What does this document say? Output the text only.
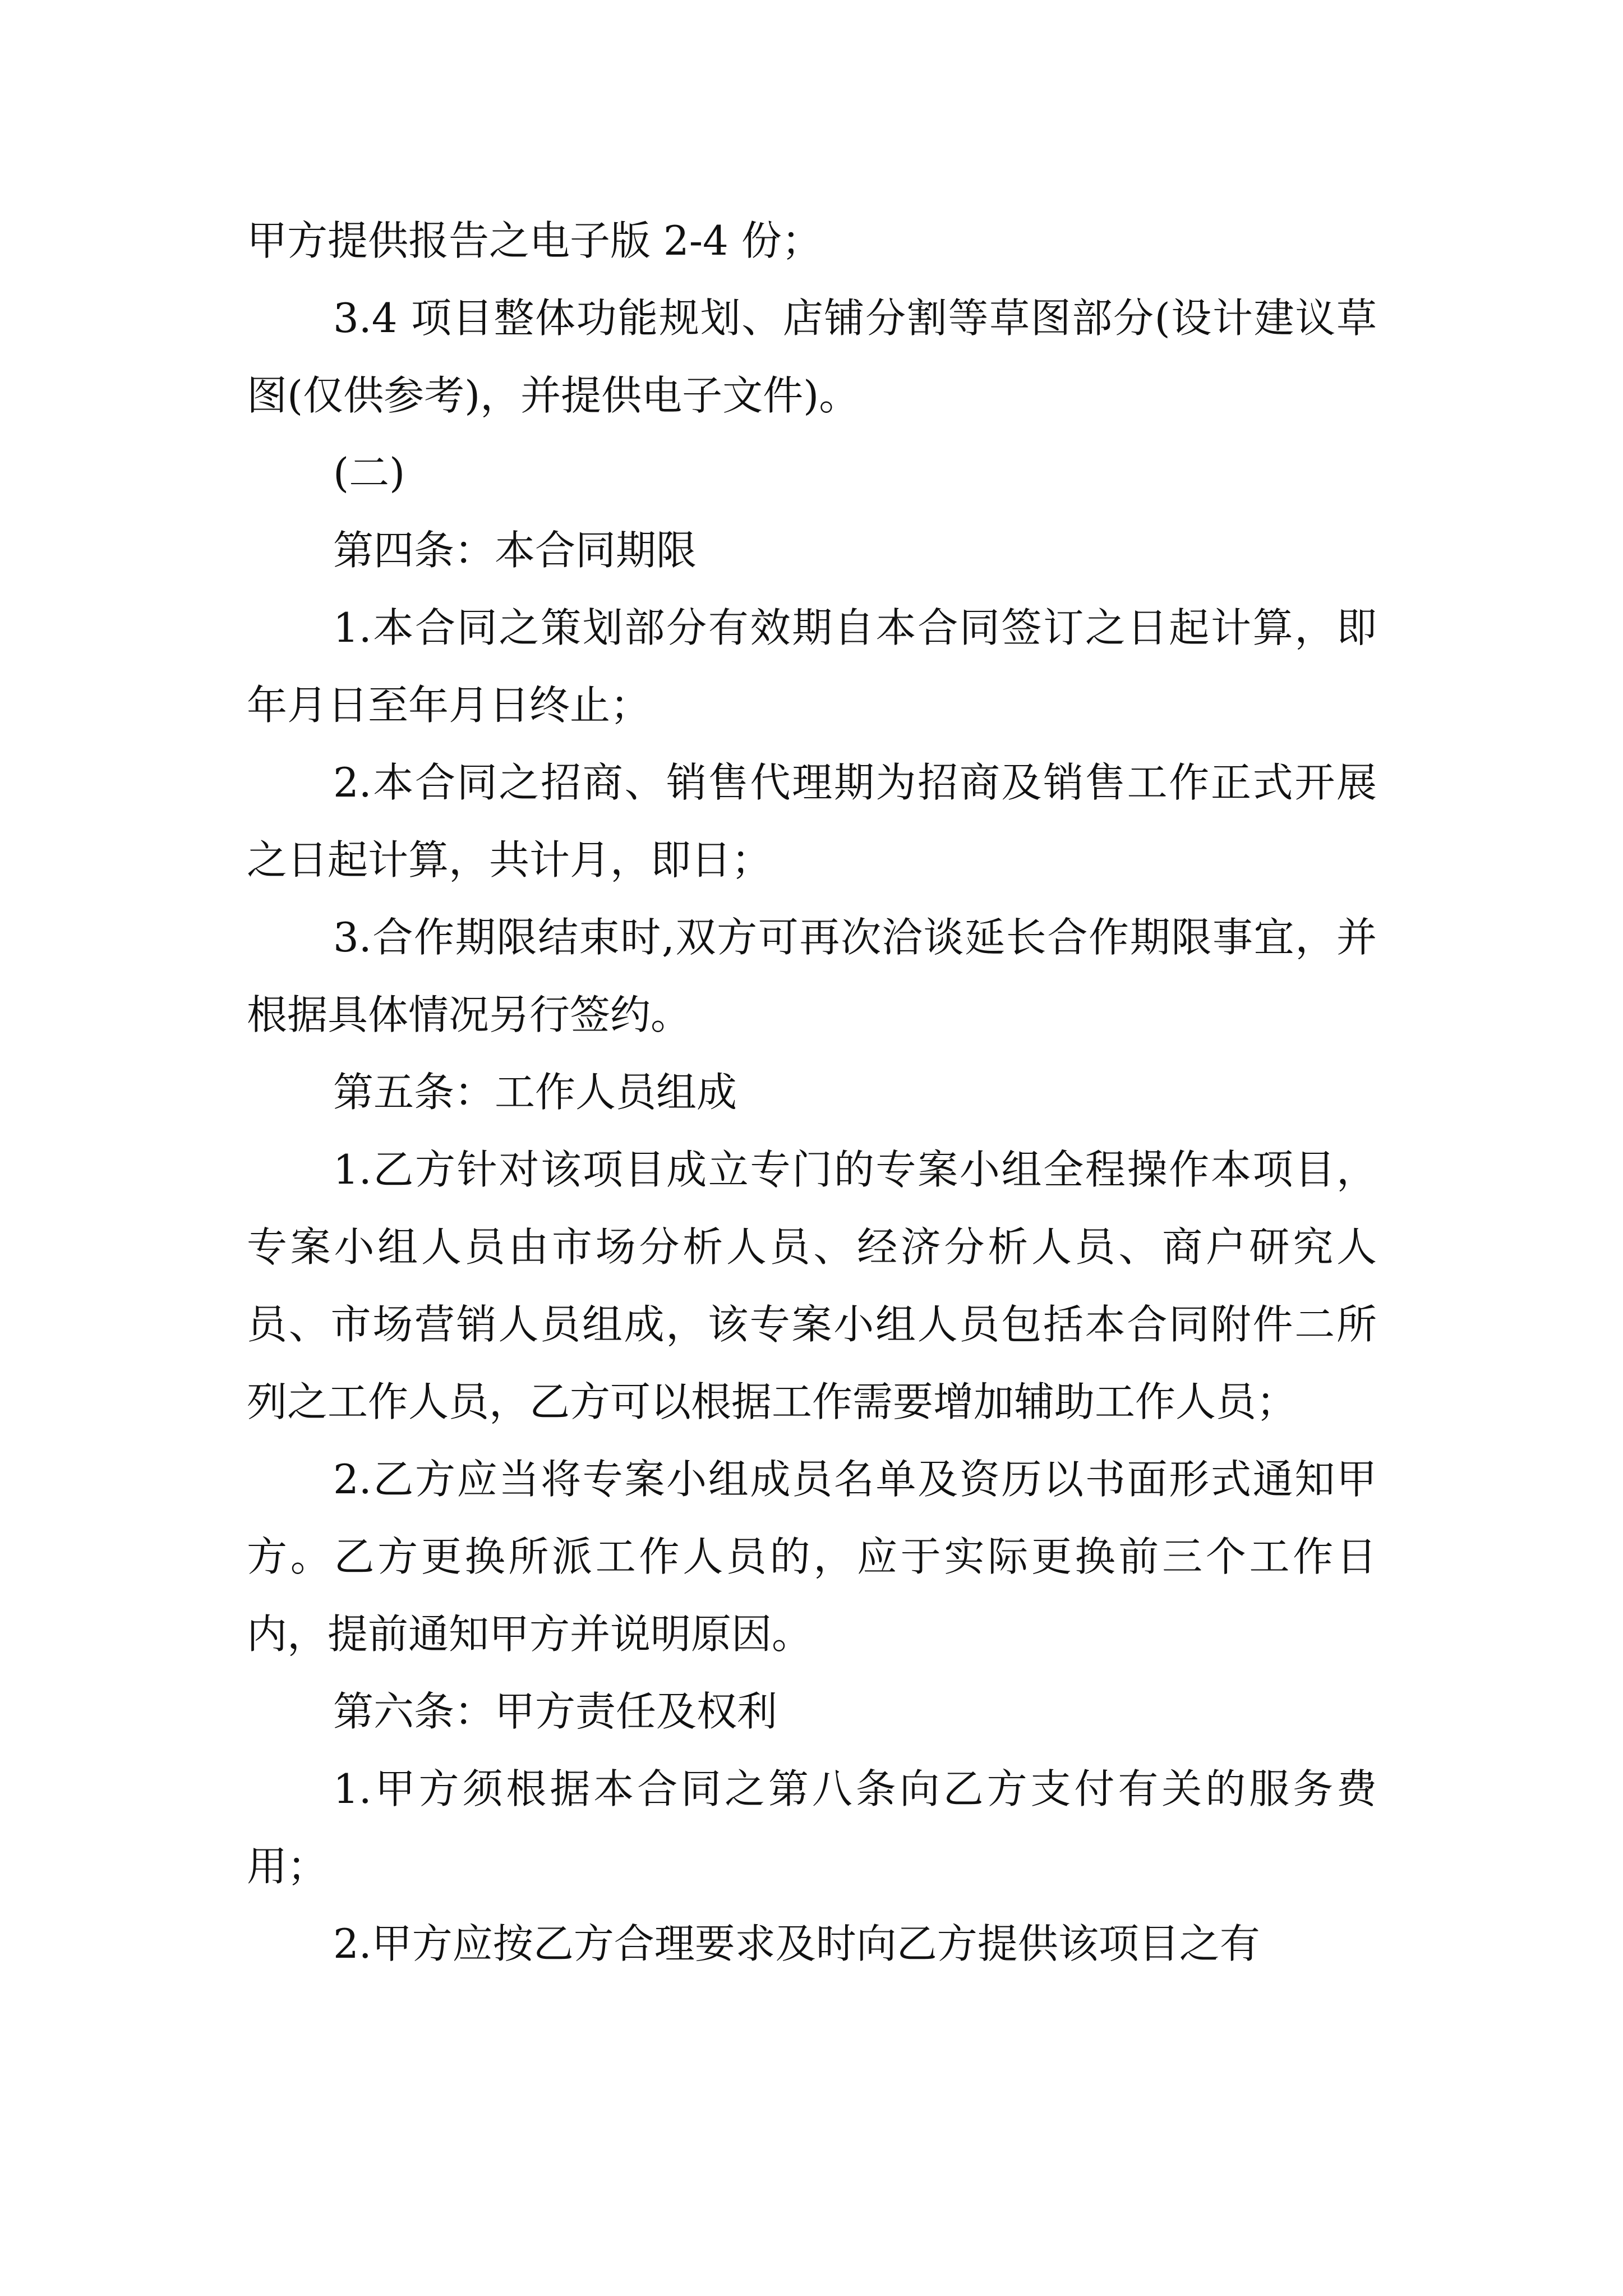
甲方提供报告之电子版 2-4 份；

3.4 项目整体功能规划、店铺分割等草图部分(设计建议草图(仅供参考)，并提供电子文件)。

(二)

第四条：本合同期限

1.本合同之策划部分有效期自本合同签订之日起计算，即 年月日至年月日终止；

2.本合同之招商、销售代理期为招商及销售工作正式开展之日起计算，共计月，即日；

3.合作期限结束时,双方可再次洽谈延长合作期限事宜，并根据具体情况另行签约。

第五条：工作人员组成

1.乙方针对该项目成立专门的专案小组全程操作本项目，专案小组人员由市场分析人员、经济分析人员、商户研究人员、市场营销人员组成，该专案小组人员包括本合同附件二所列之工作人员，乙方可以根据工作需要增加辅助工作人员；

2.乙方应当将专案小组成员名单及资历以书面形式通知甲方。乙方更换所派工作人员的，应于实际更换前三个工作日内，提前通知甲方并说明原因。

第六条：甲方责任及权利

1.甲方须根据本合同之第八条向乙方支付有关的服务费用；

2.甲方应按乙方合理要求及时向乙方提供该项目之有
